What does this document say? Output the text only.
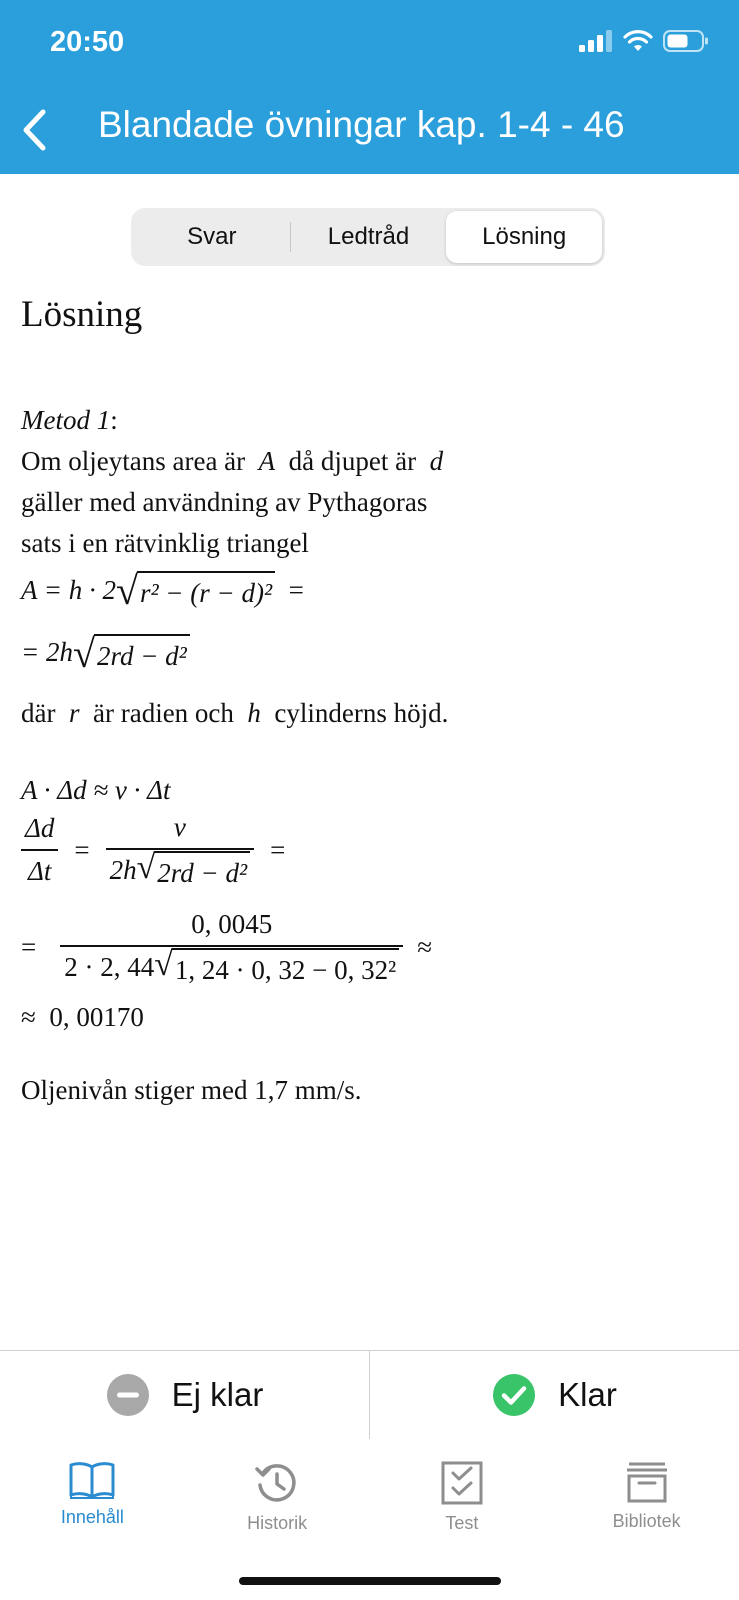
20:50
Blandade övningar kap. 1-4 - 46
Svar	Ledtråd	Lösning
Lösning

Metod 1:

Om oljeytans area är A då djupet är d

gäller med användning av Pythagoras

sats i en rätvinklig triangel

A = h · 2 √ r² − (r − d)² =

= 2h √ 2rd − d²

där r är radien och h cylinderns höjd.

A · Δd ≈ v · Δt

$\frac{\Delta d}{\Delta t} = \frac{v}{\text{2h √ 2rd − d²}}$ =
= $\frac{0, 0045}{\text{2 · 2, 44 √ 1, 24 · 0, 32 − 0, 32²}}$ ≈

≈  0, 00170

Oljenivån stiger med 1,7 mm/s.

Ej klar	Klar
Innehåll	Historik	Test	Bibliotek
